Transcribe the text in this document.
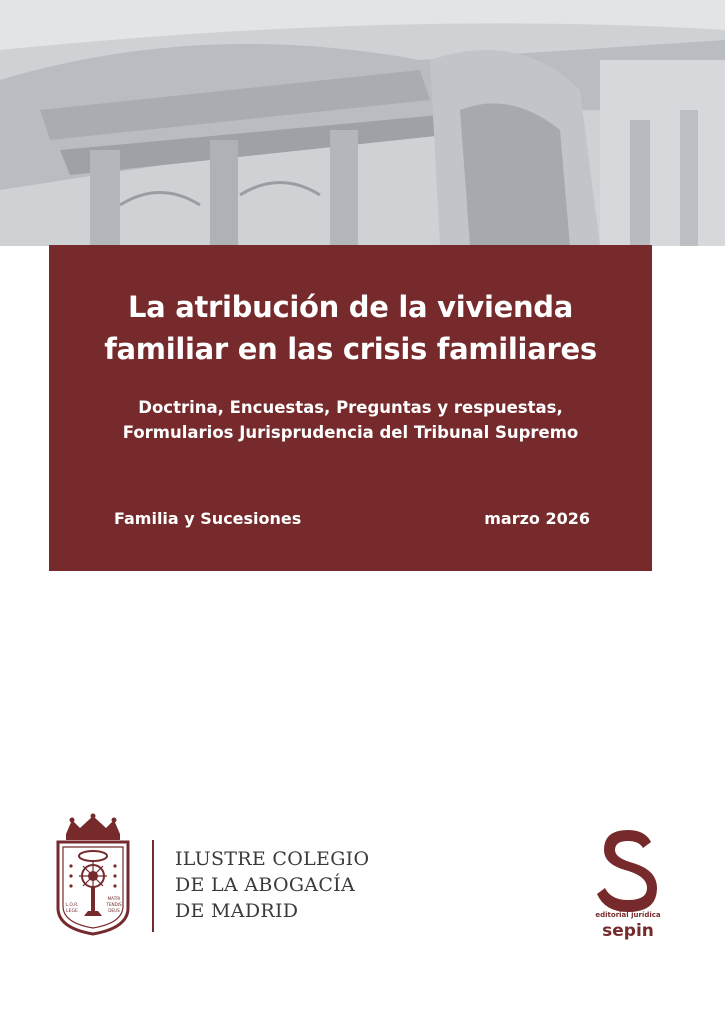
La atribución de la vivienda
familiar en las crisis familiares
Doctrina, Encuestas, Preguntas y respuestas,
Formularios Jurisprudencia del Tribunal Supremo
Familia y Sucesiones	marzo 2026
L.O.R.
LEGE
MATRI
TENDIS
DEUS
ILUSTRE COLEGIO
DE LA ABOGACÍA
DE MADRID	editorial jurídica
sepin
